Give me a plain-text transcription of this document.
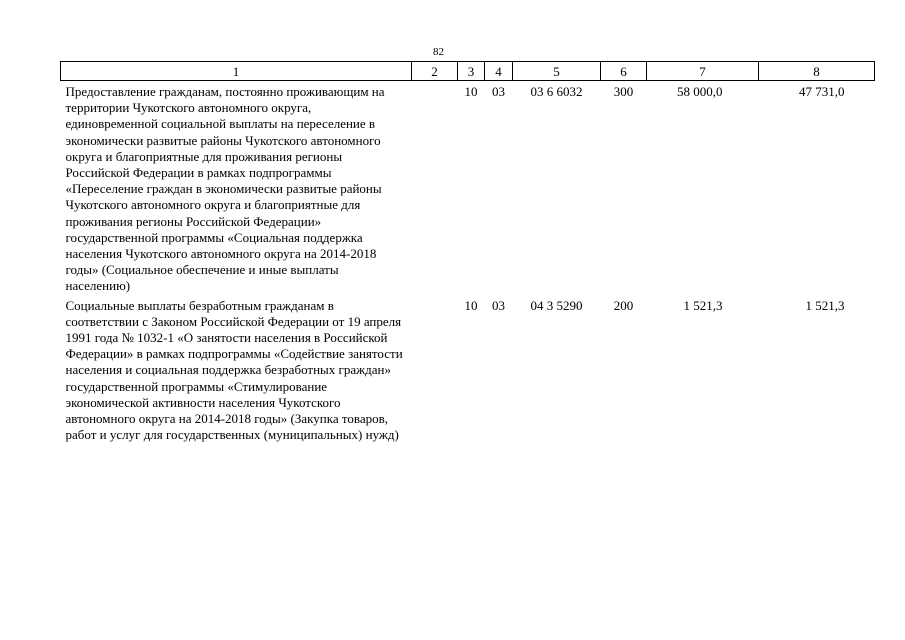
82
1	2	3	4	5	6	7	8
Предоставление гражданам, постоянно проживающим на территории Чукотского автономного округа, единовременной социальной выплаты на переселение в экономически развитые районы Чукотского автономного округа и благоприятные для проживания регионы Российской Федерации в рамках подпрограммы «Переселение граждан в экономически развитые районы Чукотского автономного округа и благоприятные для проживания регионы Российской Федерации» государственной программы «Социальная поддержка населения Чукотского автономного округа на 2014-2018 годы» (Социальное обеспечение и иные выплаты населению)		10	03	03 6 6032	300	58 000,0	47 731,0
Социальные выплаты безработным гражданам в соответствии с Законом Российской Федерации от 19 апреля 1991 года № 1032-1 «О занятости населения в Российской Федерации» в рамках подпрограммы «Содействие занятости населения и социальная поддержка безработных граждан» государственной программы «Стимулирование экономической активности населения Чукотского автономного округа на 2014-2018 годы» (Закупка товаров, работ и услуг для государственных (муниципальных) нужд)		10	03	04 3 5290	200	1 521,3	1 521,3
